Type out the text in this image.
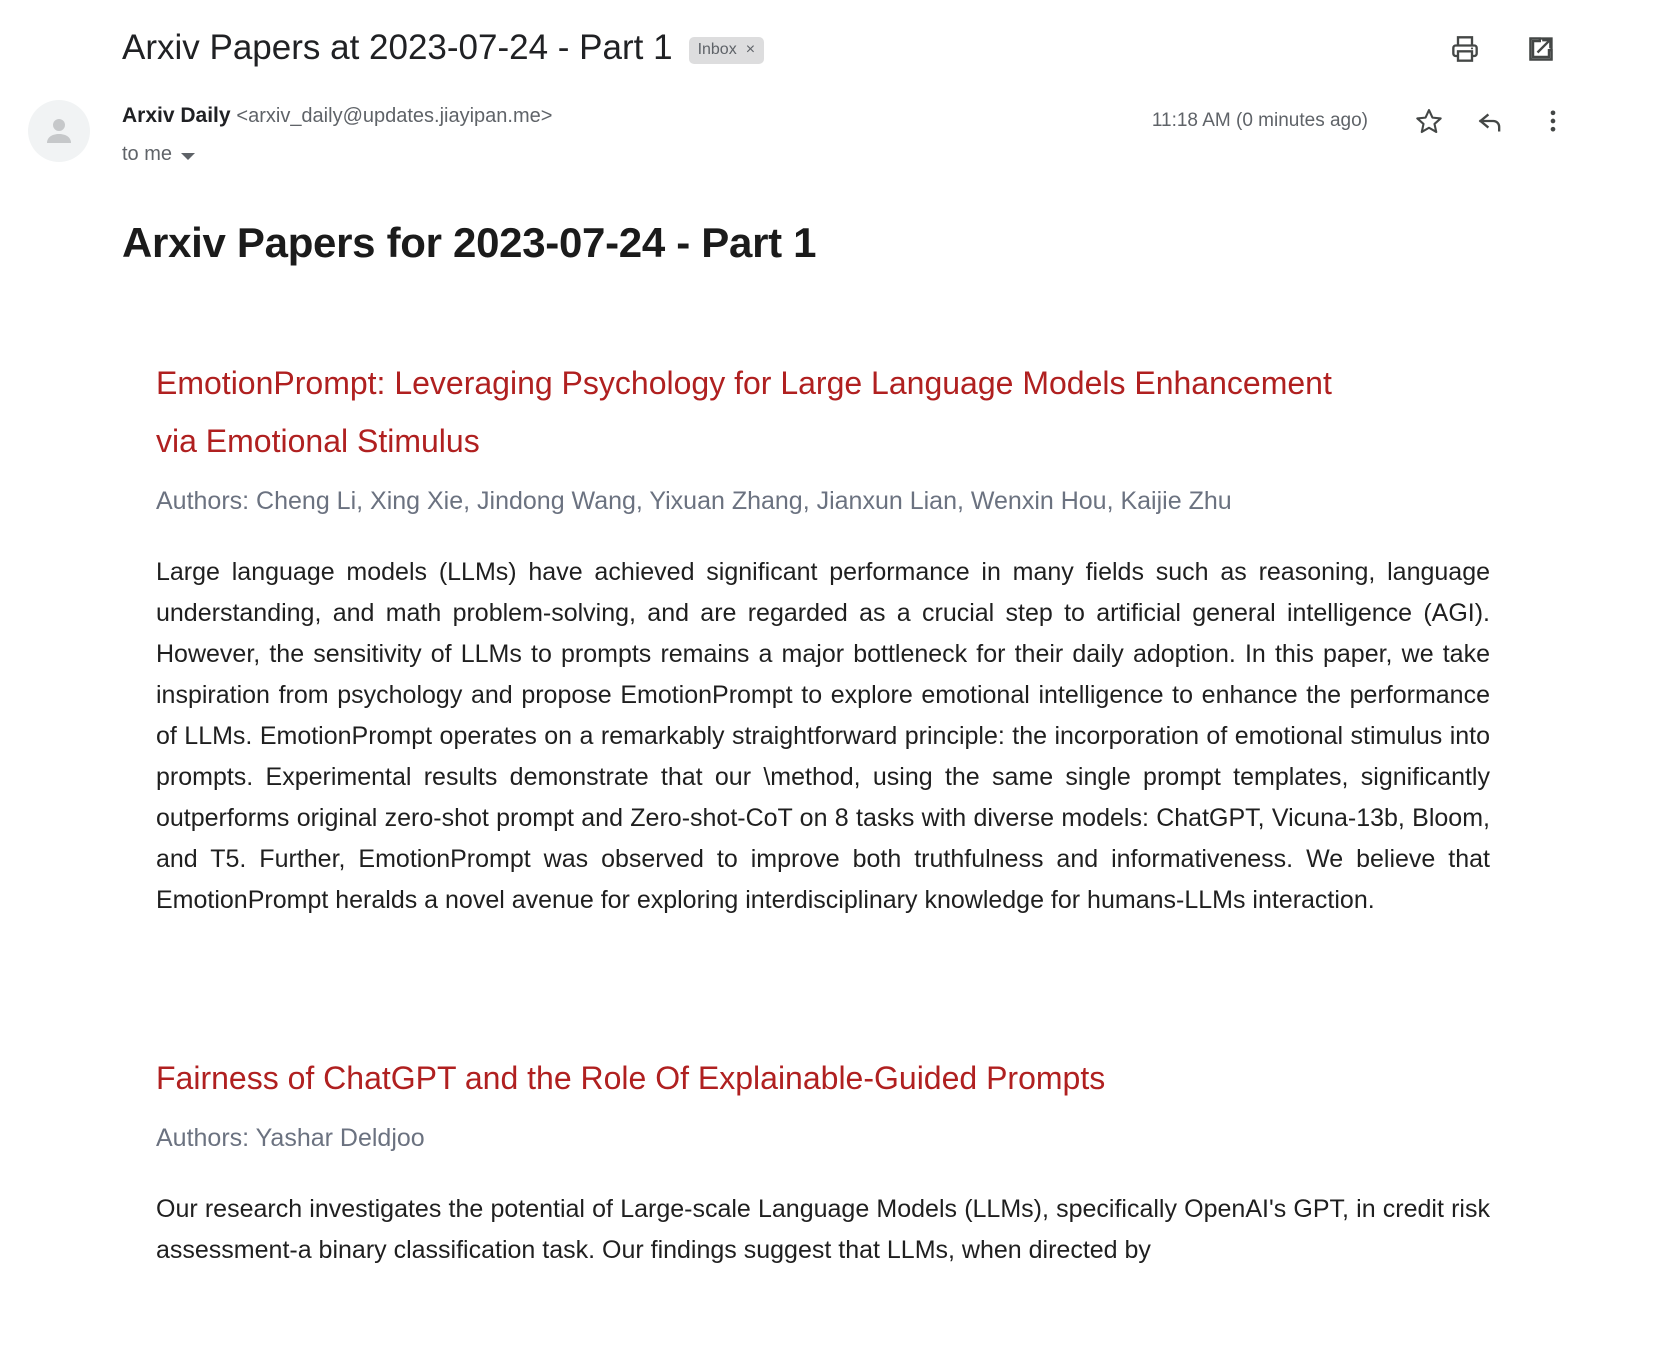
Arxiv Papers at 2023-07-24 - Part 1 Inbox ×
Arxiv Daily <arxiv_daily@updates.jiayipan.me>
to me
11:18 AM (0 minutes ago)
Arxiv Papers for 2023-07-24 - Part 1
EmotionPrompt: Leveraging Psychology for Large Language Models Enhancement via Emotional Stimulus
Authors: Cheng Li, Xing Xie, Jindong Wang, Yixuan Zhang, Jianxun Lian, Wenxin Hou, Kaijie Zhu
Large language models (LLMs) have achieved significant performance in many fields such as reasoning, language understanding, and math problem-solving, and are regarded as a crucial step to artificial general intelligence (AGI). However, the sensitivity of LLMs to prompts remains a major bottleneck for their daily adoption. In this paper, we take inspiration from psychology and propose EmotionPrompt to explore emotional intelligence to enhance the performance of LLMs. EmotionPrompt operates on a remarkably straightforward principle: the incorporation of emotional stimulus into prompts. Experimental results demonstrate that our \method, using the same single prompt templates, significantly outperforms original zero-shot prompt and Zero-shot-CoT on 8 tasks with diverse models: ChatGPT, Vicuna-13b, Bloom, and T5. Further, EmotionPrompt was observed to improve both truthfulness and informativeness. We believe that EmotionPrompt heralds a novel avenue for exploring interdisciplinary knowledge for humans-LLMs interaction.
Fairness of ChatGPT and the Role Of Explainable-Guided Prompts
Authors: Yashar Deldjoo
Our research investigates the potential of Large-scale Language Models (LLMs), specifically OpenAI's GPT, in credit risk assessment-a binary classification task. Our findings suggest that LLMs, when directed by
